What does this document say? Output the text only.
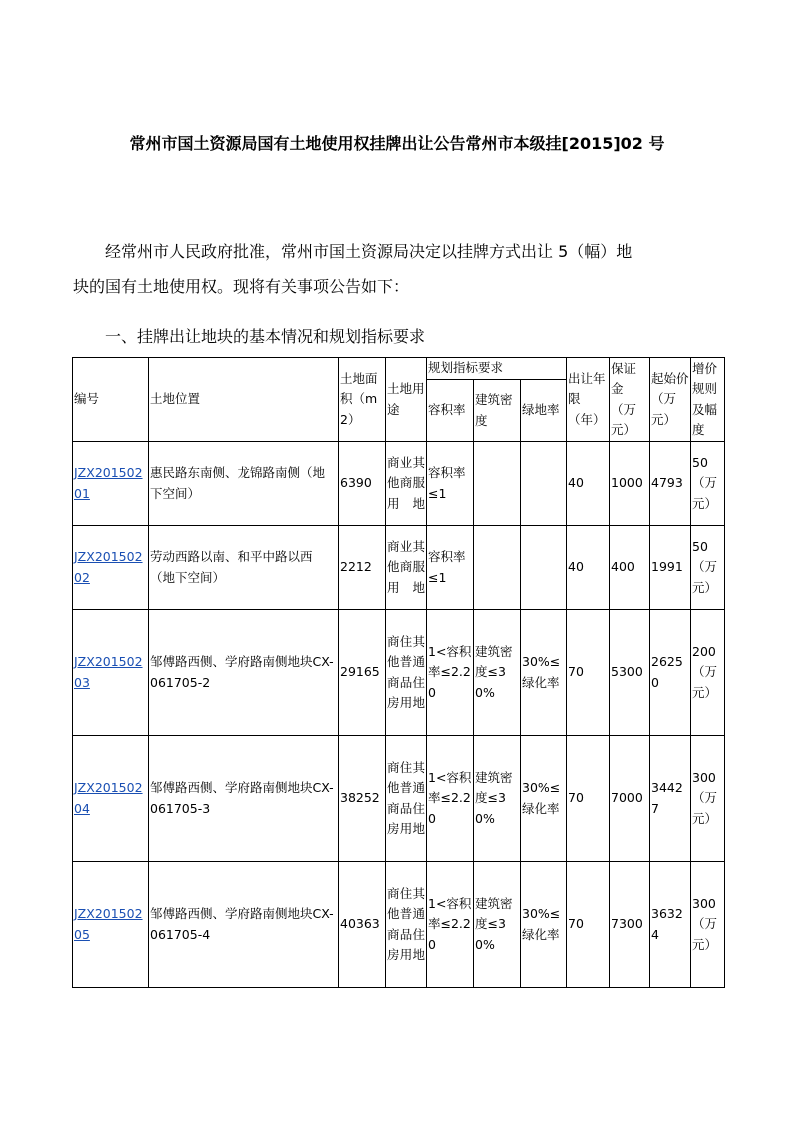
常州市国土资源局国有土地使用权挂牌出让公告常州市本级挂[2015]02 号
经常州市人民政府批准，常州市国土资源局决定以挂牌方式出让 5（幅）地
块的国有土地使用权。现将有关事项公告如下：
一、挂牌出让地块的基本情况和规划指标要求
编号	土地位置	土地面积（m2）	土地用途	规划指标要求			出让年限（年）	保证金（万元）	起始价（万元）	增价规则及幅度
				容积率	建筑密度	绿地率				
JZX20150201	惠民路东南侧、龙锦路南侧（地下空间）	6390	商业其他商服用地	容积率≤1			40	1000	4793	50（万元）
JZX20150202	劳动西路以南、和平中路以西（地下空间）	2212	商业其他商服用地	容积率≤1			40	400	1991	50（万元）
JZX20150203	邹傅路西侧、学府路南侧地块CX-061705-2	29165	商住其他普通商品住房用地	1<容积率≤2.20	建筑密度≤30%	30%≤绿化率	70	5300	26250	200（万元）
JZX20150204	邹傅路西侧、学府路南侧地块CX-061705-3	38252	商住其他普通商品住房用地	1<容积率≤2.20	建筑密度≤30%	30%≤绿化率	70	7000	34427	300（万元）
JZX20150205	邹傅路西侧、学府路南侧地块CX-061705-4	40363	商住其他普通商品住房用地	1<容积率≤2.20	建筑密度≤30%	30%≤绿化率	70	7300	36324	300（万元）
